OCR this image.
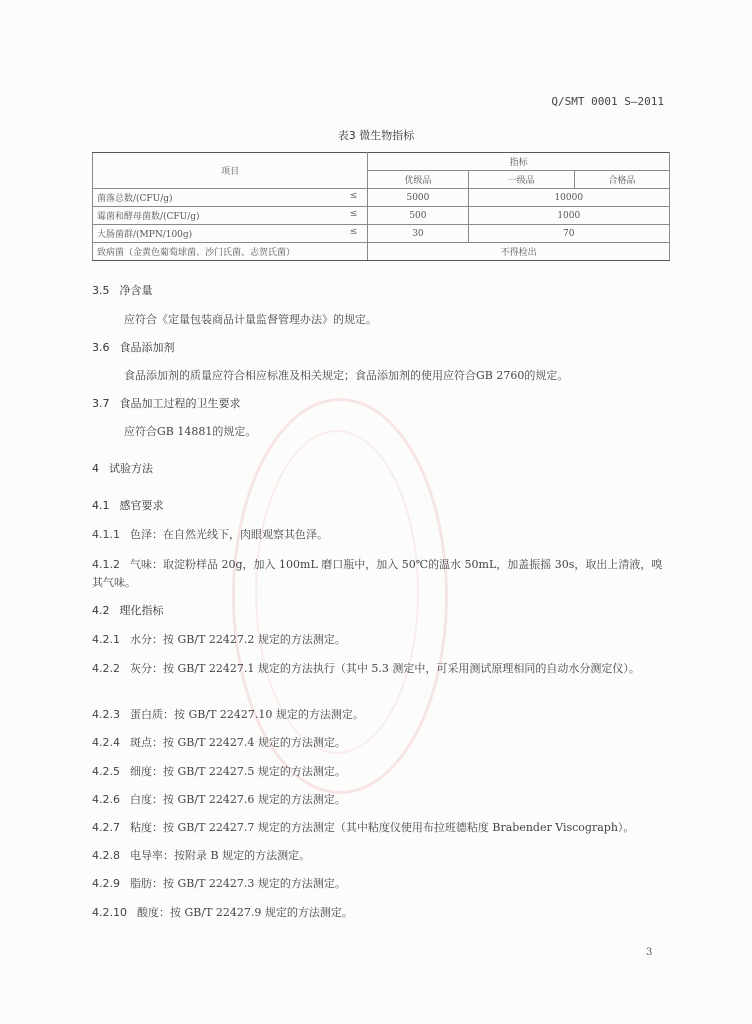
Q/SMT 0001 S—2011
表3 微生物指标
项目	指标		
	优级品	一级品	合格品
菌落总数/(CFU/g) ≤	5000	10000	
霉菌和酵母菌数/(CFU/g) ≤	500	1000	
大肠菌群/(MPN/100g) ≤	30	70	
致病菌（金黄色葡萄球菌、沙门氏菌、志贺氏菌）	不得检出		
3.5 净含量
应符合《定量包装商品计量监督管理办法》的规定。
3.6 食品添加剂
食品添加剂的质量应符合相应标准及相关规定；食品添加剂的使用应符合GB 2760的规定。
3.7 食品加工过程的卫生要求
应符合GB 14881的规定。
4 试验方法
4.1 感官要求
4.1.1 色泽：在自然光线下，肉眼观察其色泽。
4.1.2 气味：取淀粉样品 20g，加入 100mL 磨口瓶中，加入 50℃的温水 50mL，加盖振摇 30s，取出上清液，嗅其气味。
4.2 理化指标
4.2.1 水分：按 GB/T 22427.2 规定的方法测定。
4.2.2 灰分：按 GB/T 22427.1 规定的方法执行（其中 5.3 测定中，可采用测试原理相同的自动水分测定仪）。
4.2.3 蛋白质：按 GB/T 22427.10 规定的方法测定。
4.2.4 斑点：按 GB/T 22427.4 规定的方法测定。
4.2.5 细度：按 GB/T 22427.5 规定的方法测定。
4.2.6 白度：按 GB/T 22427.6 规定的方法测定。
4.2.7 粘度：按 GB/T 22427.7 规定的方法测定（其中粘度仪使用布拉班德粘度 Brabender Viscograph）。
4.2.8 电导率：按附录 B 规定的方法测定。
4.2.9 脂肪：按 GB/T 22427.3 规定的方法测定。
4.2.10 酸度：按 GB/T 22427.9 规定的方法测定。
3
